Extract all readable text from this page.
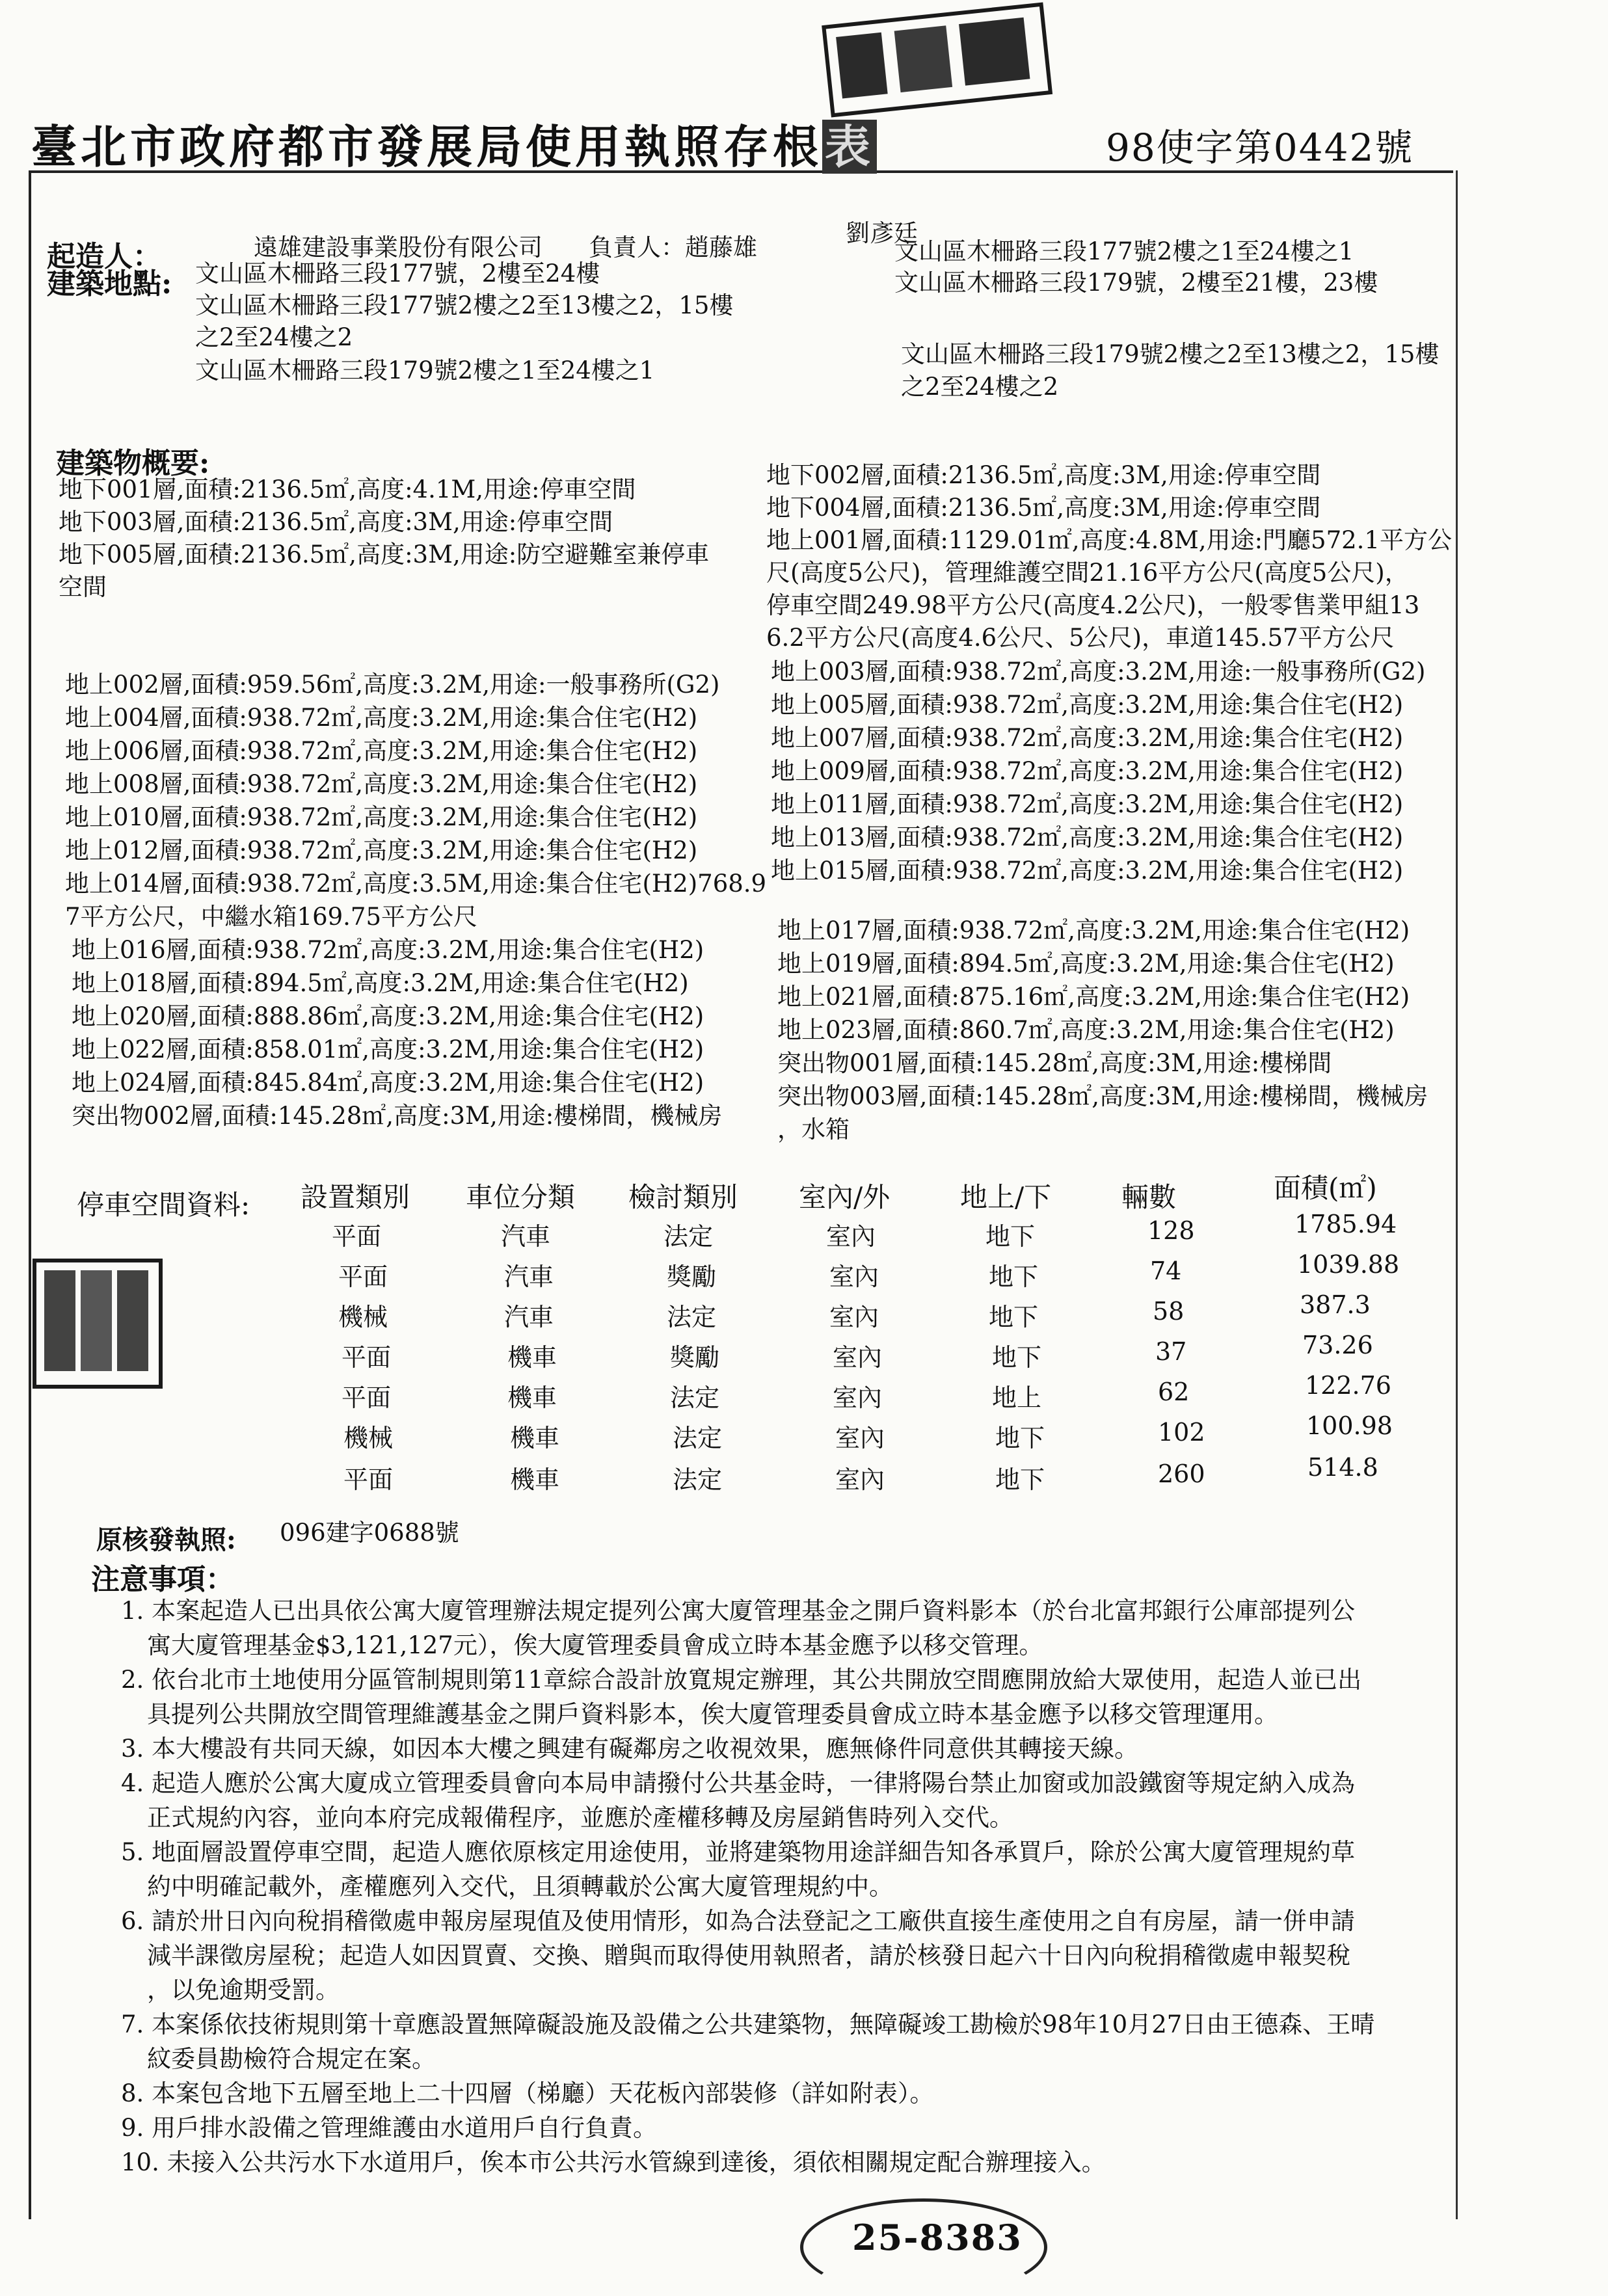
臺北市政府都市發展局使用執照存根表	98使字第0442號
起造人：	遠雄建設事業股份有限公司 負責人：趙藤雄
劉彥廷
建築地點: 文山區木柵路三段177號，2樓至24樓
文山區木柵路三段177號2樓之2至13樓之2，15樓
之2至24樓之2
文山區木柵路三段179號2樓之1至24樓之1
文山區木柵路三段177號2樓之1至24樓之1
文山區木柵路三段179號，2樓至21樓，23樓
文山區木柵路三段179號2樓之2至13樓之2，15樓
之2至24樓之2
建築物概要:
地下001層,面積:2136.5㎡,高度:4.1M,用途:停車空間
地下003層,面積:2136.5㎡,高度:3M,用途:停車空間
地下005層,面積:2136.5㎡,高度:3M,用途:防空避難室兼停車
空間
地上002層,面積:959.56㎡,高度:3.2M,用途:一般事務所(G2)
地上004層,面積:938.72㎡,高度:3.2M,用途:集合住宅(H2)
地上006層,面積:938.72㎡,高度:3.2M,用途:集合住宅(H2)
地上008層,面積:938.72㎡,高度:3.2M,用途:集合住宅(H2)
地上010層,面積:938.72㎡,高度:3.2M,用途:集合住宅(H2)
地上012層,面積:938.72㎡,高度:3.2M,用途:集合住宅(H2)
地上014層,面積:938.72㎡,高度:3.5M,用途:集合住宅(H2)768.9
7平方公尺，中繼水箱169.75平方公尺
地上016層,面積:938.72㎡,高度:3.2M,用途:集合住宅(H2)
地上018層,面積:894.5㎡,高度:3.2M,用途:集合住宅(H2)
地上020層,面積:888.86㎡,高度:3.2M,用途:集合住宅(H2)
地上022層,面積:858.01㎡,高度:3.2M,用途:集合住宅(H2)
地上024層,面積:845.84㎡,高度:3.2M,用途:集合住宅(H2)
突出物002層,面積:145.28㎡,高度:3M,用途:樓梯間，機械房
地下002層,面積:2136.5㎡,高度:3M,用途:停車空間
地下004層,面積:2136.5㎡,高度:3M,用途:停車空間
地上001層,面積:1129.01㎡,高度:4.8M,用途:門廳572.1平方公
尺(高度5公尺)，管理維護空間21.16平方公尺(高度5公尺)，
停車空間249.98平方公尺(高度4.2公尺)，一般零售業甲組13
6.2平方公尺(高度4.6公尺、5公尺)，車道145.57平方公尺
地上003層,面積:938.72㎡,高度:3.2M,用途:一般事務所(G2)
地上005層,面積:938.72㎡,高度:3.2M,用途:集合住宅(H2)
地上007層,面積:938.72㎡,高度:3.2M,用途:集合住宅(H2)
地上009層,面積:938.72㎡,高度:3.2M,用途:集合住宅(H2)
地上011層,面積:938.72㎡,高度:3.2M,用途:集合住宅(H2)
地上013層,面積:938.72㎡,高度:3.2M,用途:集合住宅(H2)
地上015層,面積:938.72㎡,高度:3.2M,用途:集合住宅(H2)
地上017層,面積:938.72㎡,高度:3.2M,用途:集合住宅(H2)
地上019層,面積:894.5㎡,高度:3.2M,用途:集合住宅(H2)
地上021層,面積:875.16㎡,高度:3.2M,用途:集合住宅(H2)
地上023層,面積:860.7㎡,高度:3.2M,用途:集合住宅(H2)
突出物001層,面積:145.28㎡,高度:3M,用途:樓梯間
突出物003層,面積:145.28㎡,高度:3M,用途:樓梯間，機械房
，水箱
停車空間資料: 設置類別 車位分類 檢討類別 室內/外	地上/下	輛數	面積(㎡)
平面	汽車	法定	室內	地下	128	1785.94
平面	汽車	獎勵	室內	地下	74	1039.88
機械	汽車	法定	室內	地下	58	387.3
平面	機車	獎勵	室內	地下	37	73.26
平面	機車	法定	室內	地上	62	122.76
機械	機車	法定	室內	地下	102	100.98
平面	機車	法定	室內	地下	260	514.8
原核發執照: 096建字0688號
注意事項：
1. 本案起造人已出具依公寓大廈管理辦法規定提列公寓大廈管理基金之開戶資料影本（於台北富邦銀行公庫部提列公
寓大廈管理基金$3,121,127元），俟大廈管理委員會成立時本基金應予以移交管理。
2. 依台北市土地使用分區管制規則第11章綜合設計放寬規定辦理，其公共開放空間應開放給大眾使用，起造人並已出
具提列公共開放空間管理維護基金之開戶資料影本，俟大廈管理委員會成立時本基金應予以移交管理運用。
3. 本大樓設有共同天線，如因本大樓之興建有礙鄰房之收視效果，應無條件同意供其轉接天線。
4. 起造人應於公寓大廈成立管理委員會向本局申請撥付公共基金時，一律將陽台禁止加窗或加設鐵窗等規定納入成為
正式規約內容，並向本府完成報備程序，並應於產權移轉及房屋銷售時列入交代。
5. 地面層設置停車空間，起造人應依原核定用途使用，並將建築物用途詳細告知各承買戶，除於公寓大廈管理規約草
約中明確記載外，產權應列入交代，且須轉載於公寓大廈管理規約中。
6. 請於卅日內向稅捐稽徵處申報房屋現值及使用情形，如為合法登記之工廠供直接生產使用之自有房屋，請一併申請
減半課徵房屋稅；起造人如因買賣、交換、贈與而取得使用執照者，請於核發日起六十日內向稅捐稽徵處申報契稅
，以免逾期受罰。
7. 本案係依技術規則第十章應設置無障礙設施及設備之公共建築物，無障礙竣工勘檢於98年10月27日由王德森、王晴
紋委員勘檢符合規定在案。
8. 本案包含地下五層至地上二十四層（梯廳）天花板內部裝修（詳如附表）。
9. 用戶排水設備之管理維護由水道用戶自行負責。
10. 未接入公共污水下水道用戶，俟本市公共污水管線到達後，須依相關規定配合辦理接入。
25-8383
